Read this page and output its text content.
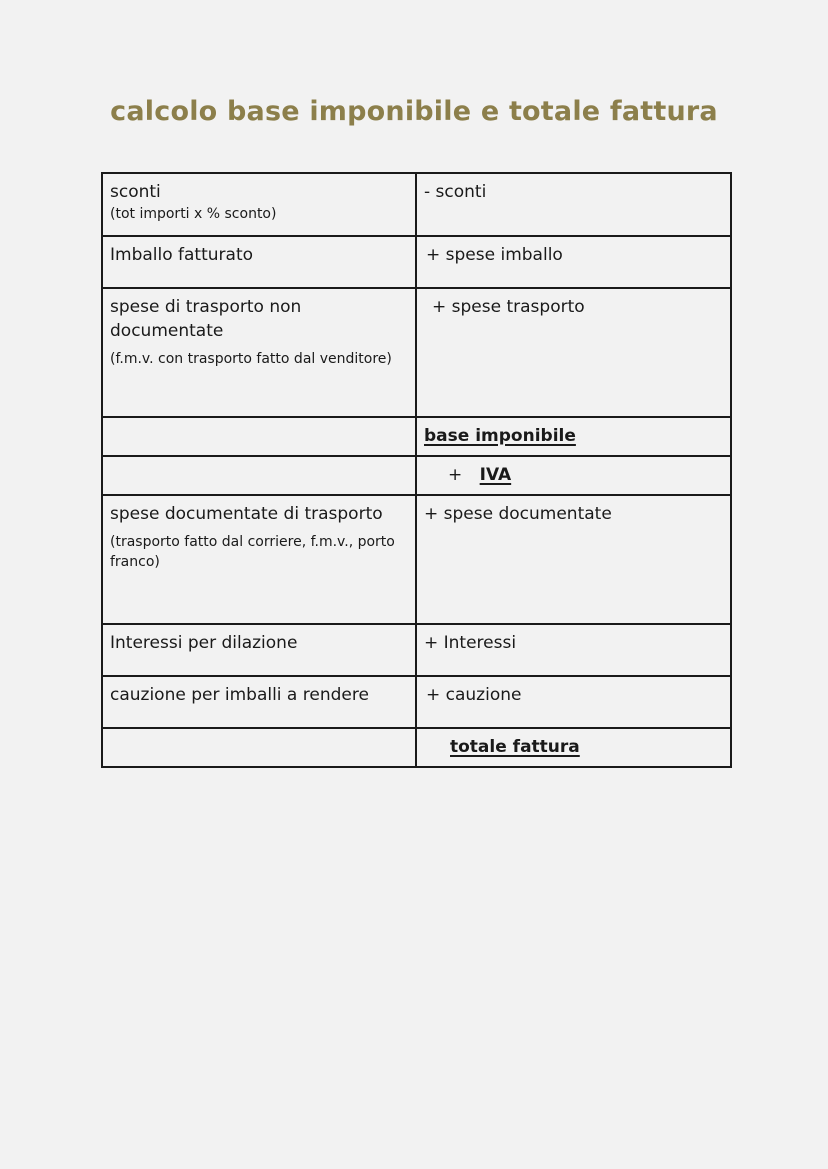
calcolo base imponibile e totale fattura
sconti
(tot importi x % sconto)	- sconti

Imballo fatturato	+ spese imballo

spese di trasporto non documentate
(f.m.v. con trasporto fatto dal venditore)	+ spese trasporto
	base imponibile
	+ IVA

spese documentate di trasporto
(trasporto fatto dal corriere, f.m.v., porto franco)	+ spese documentate

Interessi per dilazione	+ Interessi

cauzione per imballi a rendere	+ cauzione
	totale fattura
